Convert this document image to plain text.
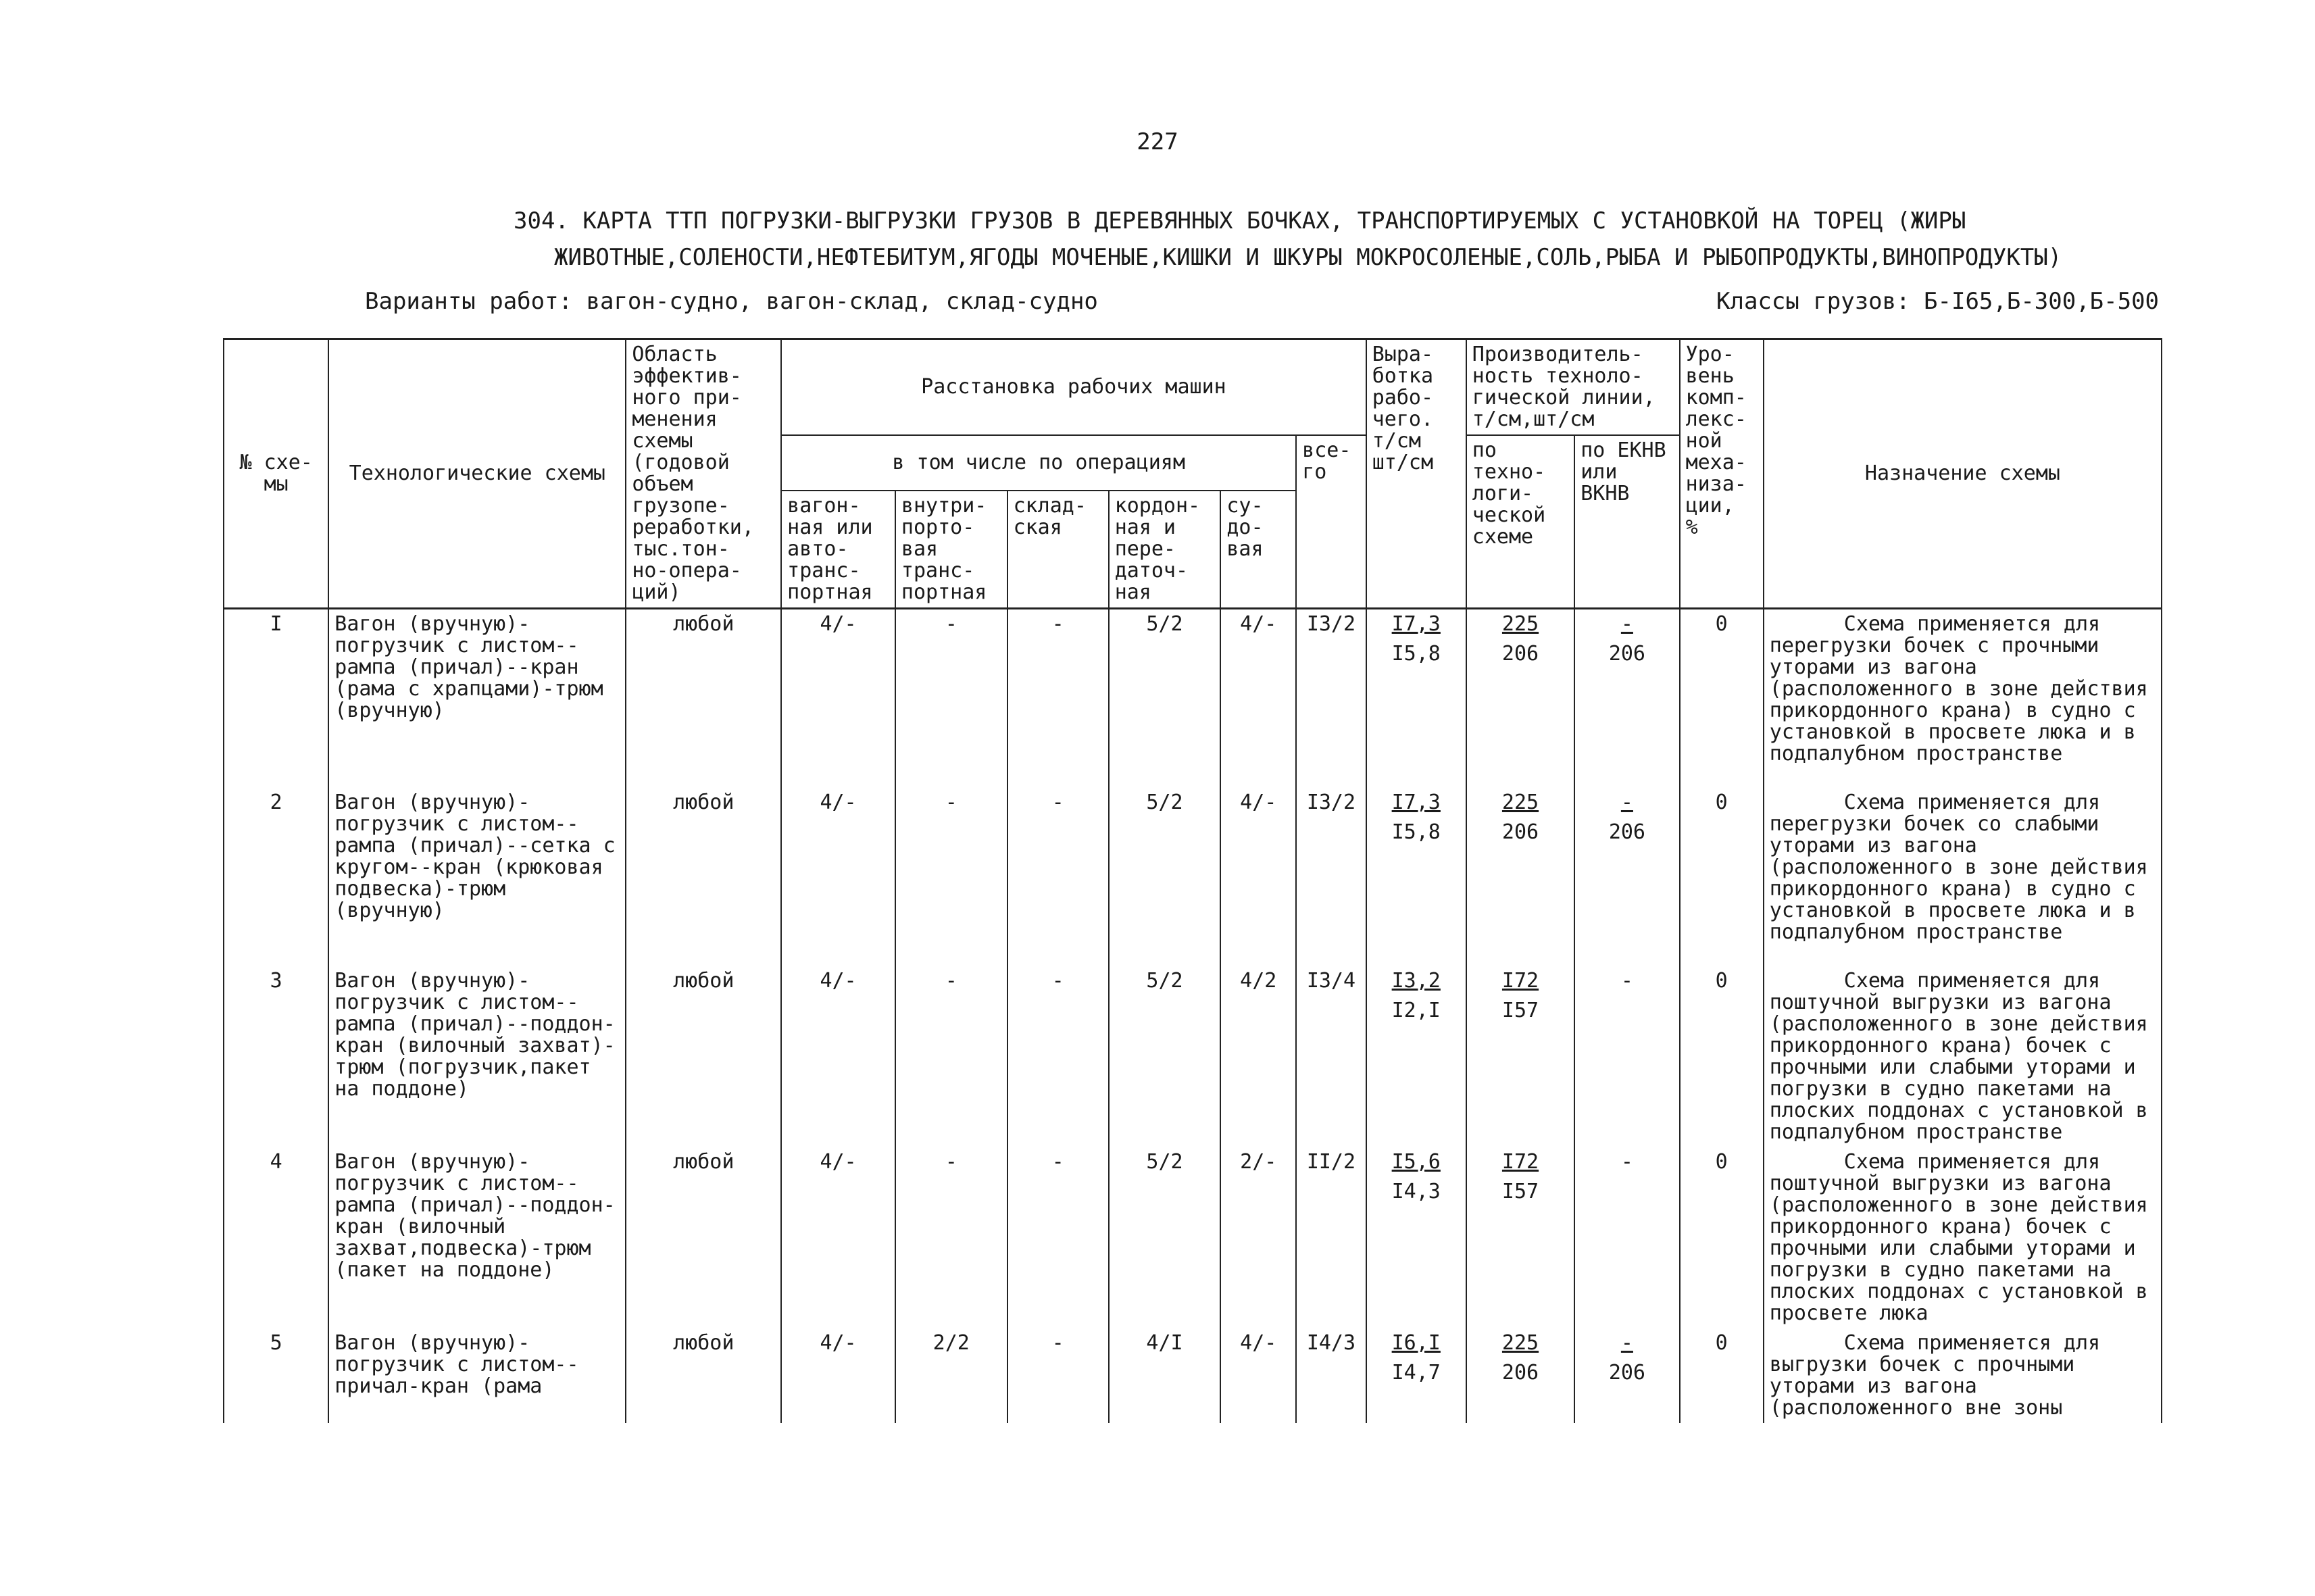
227
304. КАРТА ТТП ПОГРУЗКИ-ВЫГРУЗКИ ГРУЗОВ В ДЕРЕВЯННЫХ БОЧКАХ, ТРАНСПОРТИРУЕМЫХ С УСТАНОВКОЙ НА ТОРЕЦ (ЖИРЫ
ЖИВОТНЫЕ,СОЛЕНОСТИ,НЕФТЕБИТУМ,ЯГОДЫ МОЧЕНЫЕ,КИШКИ И ШКУРЫ МОКРОСОЛЕНЫЕ,СОЛЬ,РЫБА И РЫБОПРОДУКТЫ,ВИНОПРОДУКТЫ)
Варианты работ: вагон-судно, вагон-склад, склад-судно	Классы грузов: Б-I65,Б-300,Б-500
№ схе- мы	Технологические схемы	Область эффектив- ного при- менения схемы (годовой объем грузопе- реработки, тыс.тон- но-опера- ций)	Расстановка рабочих машин						Выра- ботка рабо- чего. т/см шт/см	Производитель- ность техноло- гической линии, т/см,шт/см		Уро- вень комп- лекс- ной меха- низа- ции, %	Назначение схемы
			в том числе по операциям					все- го		по техно- логи- ческой схеме	по ЕКНВ или ВКНВ		
			вагон- ная или авто- транс- портная	внутри- порто- вая транс- портная	склад- ская	кордон- ная и пере- даточ- ная	су- до- вая						
I	Вагон (вручную)-погрузчик с листом--рампа (причал)--кран (рама с храпцами)-трюм (вручную)	любой	4/-	-	-	5/2	4/-	I3/2	$\frac{I7,3}{I5,8}$	$\frac{225}{206}$	$\frac{-}{206}$	0	Схема применяется для перегрузки бочек с прочными уторами из вагона (расположенного в зоне действия прикордонного крана) в судно с установкой в просвете люка и в подпалубном пространстве
2	Вагон (вручную)-погрузчик с листом--рампа (причал)--сетка с кругом--кран (крюковая подвеска)-трюм (вручную)	любой	4/-	-	-	5/2	4/-	I3/2	$\frac{I7,3}{I5,8}$	$\frac{225}{206}$	$\frac{-}{206}$	0	Схема применяется для перегрузки бочек со слабыми уторами из вагона (расположенного в зоне действия прикордонного крана) в судно с установкой в просвете люка и в подпалубном пространстве
3	Вагон (вручную)-погрузчик с листом--рампа (причал)--поддон-кран (вилочный захват)-трюм (погрузчик,пакет на поддоне)	любой	4/-	-	-	5/2	4/2	I3/4	$\frac{I3,2}{I2,I}$	$\frac{I72}{I57}$	-	0	Схема применяется для поштучной выгрузки из вагона (расположенного в зоне действия прикордонного крана) бочек с прочными или слабыми уторами и погрузки в судно пакетами на плоских поддонах с установкой в подпалубном пространстве
4	Вагон (вручную)-погрузчик с листом--рампа (причал)--поддон-кран (вилочный захват,подвеска)-трюм (пакет на поддоне)	любой	4/-	-	-	5/2	2/-	II/2	$\frac{I5,6}{I4,3}$	$\frac{I72}{I57}$	-	0	Схема применяется для поштучной выгрузки из вагона (расположенного в зоне действия прикордонного крана) бочек с прочными или слабыми уторами и погрузки в судно пакетами на плоских поддонах с установкой в просвете люка
5	Вагон (вручную)-погрузчик с листом--причал-кран (рама	любой	4/-	2/2	-	4/I	4/-	I4/3	$\frac{I6,I}{I4,7}$	$\frac{225}{206}$	$\frac{-}{206}$	0	Схема применяется для выгрузки бочек с прочными уторами из вагона (расположенного вне зоны
